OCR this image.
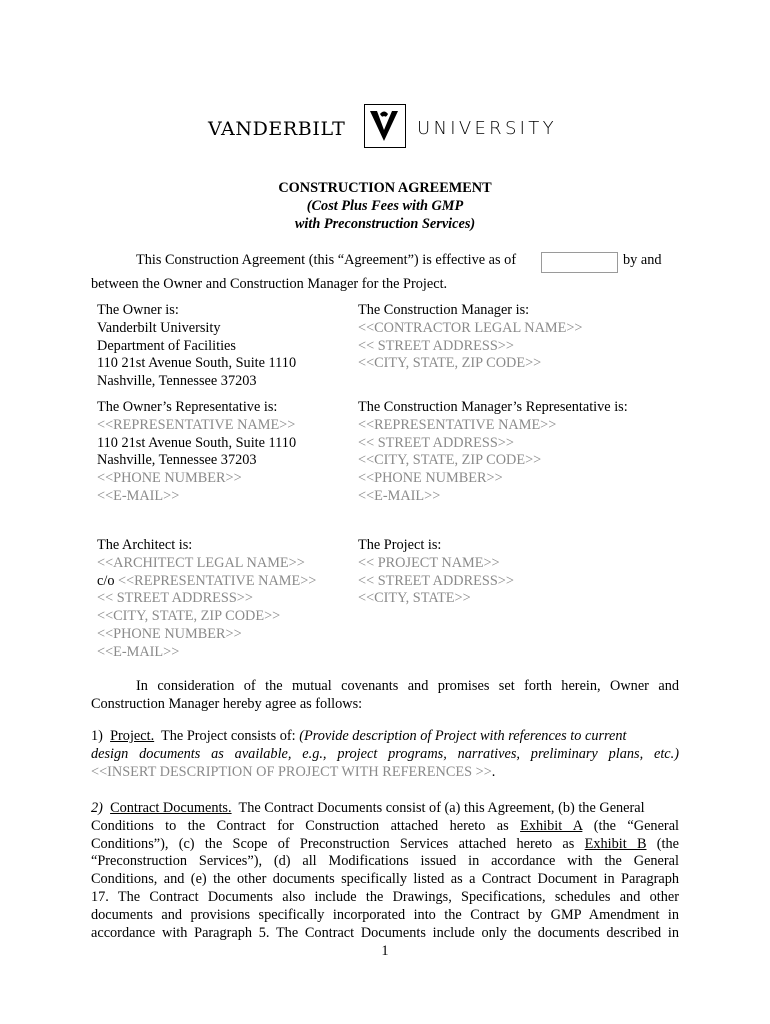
VANDERBILT	UNIVERSITY
CONSTRUCTION AGREEMENT
(Cost Plus Fees with GMP
with Preconstruction Services)
This Construction Agreement (this “Agreement”) is effective as of	by and
between the Owner and Construction Manager for the Project.
The Owner is:
Vanderbilt University
Department of Facilities
110 21st Avenue South, Suite 1110
Nashville, Tennessee 37203
The Construction Manager is:
<<CONTRACTOR LEGAL NAME>>
<< STREET ADDRESS>>
<<CITY, STATE, ZIP CODE>>
The Owner’s Representative is:
<<REPRESENTATIVE NAME>>
110 21st Avenue South, Suite 1110
Nashville, Tennessee 37203
<<PHONE NUMBER>>
<<E-MAIL>>
The Construction Manager’s Representative is:
<<REPRESENTATIVE NAME>>
<< STREET ADDRESS>>
<<CITY, STATE, ZIP CODE>>
<<PHONE NUMBER>>
<<E-MAIL>>
The Architect is:
<<ARCHITECT LEGAL NAME>>
c/o <<REPRESENTATIVE NAME>>
<< STREET ADDRESS>>
<<CITY, STATE, ZIP CODE>>
<<PHONE NUMBER>>
<<E-MAIL>>
The Project is:
<< PROJECT NAME>>
<< STREET ADDRESS>>
<<CITY, STATE>>
In consideration of the mutual covenants and promises set forth herein, Owner and
Construction Manager hereby agree as follows:
1) Project. The Project consists of: (Provide description of Project with references to current
design documents as available, e.g., project programs, narratives, preliminary plans, etc.)
<<INSERT DESCRIPTION OF PROJECT WITH REFERENCES >>.
2) Contract Documents. The Contract Documents consist of (a) this Agreement, (b) the General
Conditions to the Contract for Construction attached hereto as Exhibit A (the “General
Conditions”), (c) the Scope of Preconstruction Services attached hereto as Exhibit B (the
“Preconstruction Services”), (d) all Modifications issued in accordance with the General
Conditions, and (e) the other documents specifically listed as a Contract Document in Paragraph
17. The Contract Documents also include the Drawings, Specifications, schedules and other
documents and provisions specifically incorporated into the Contract by GMP Amendment in
accordance with Paragraph 5. The Contract Documents include only the documents described in
1
